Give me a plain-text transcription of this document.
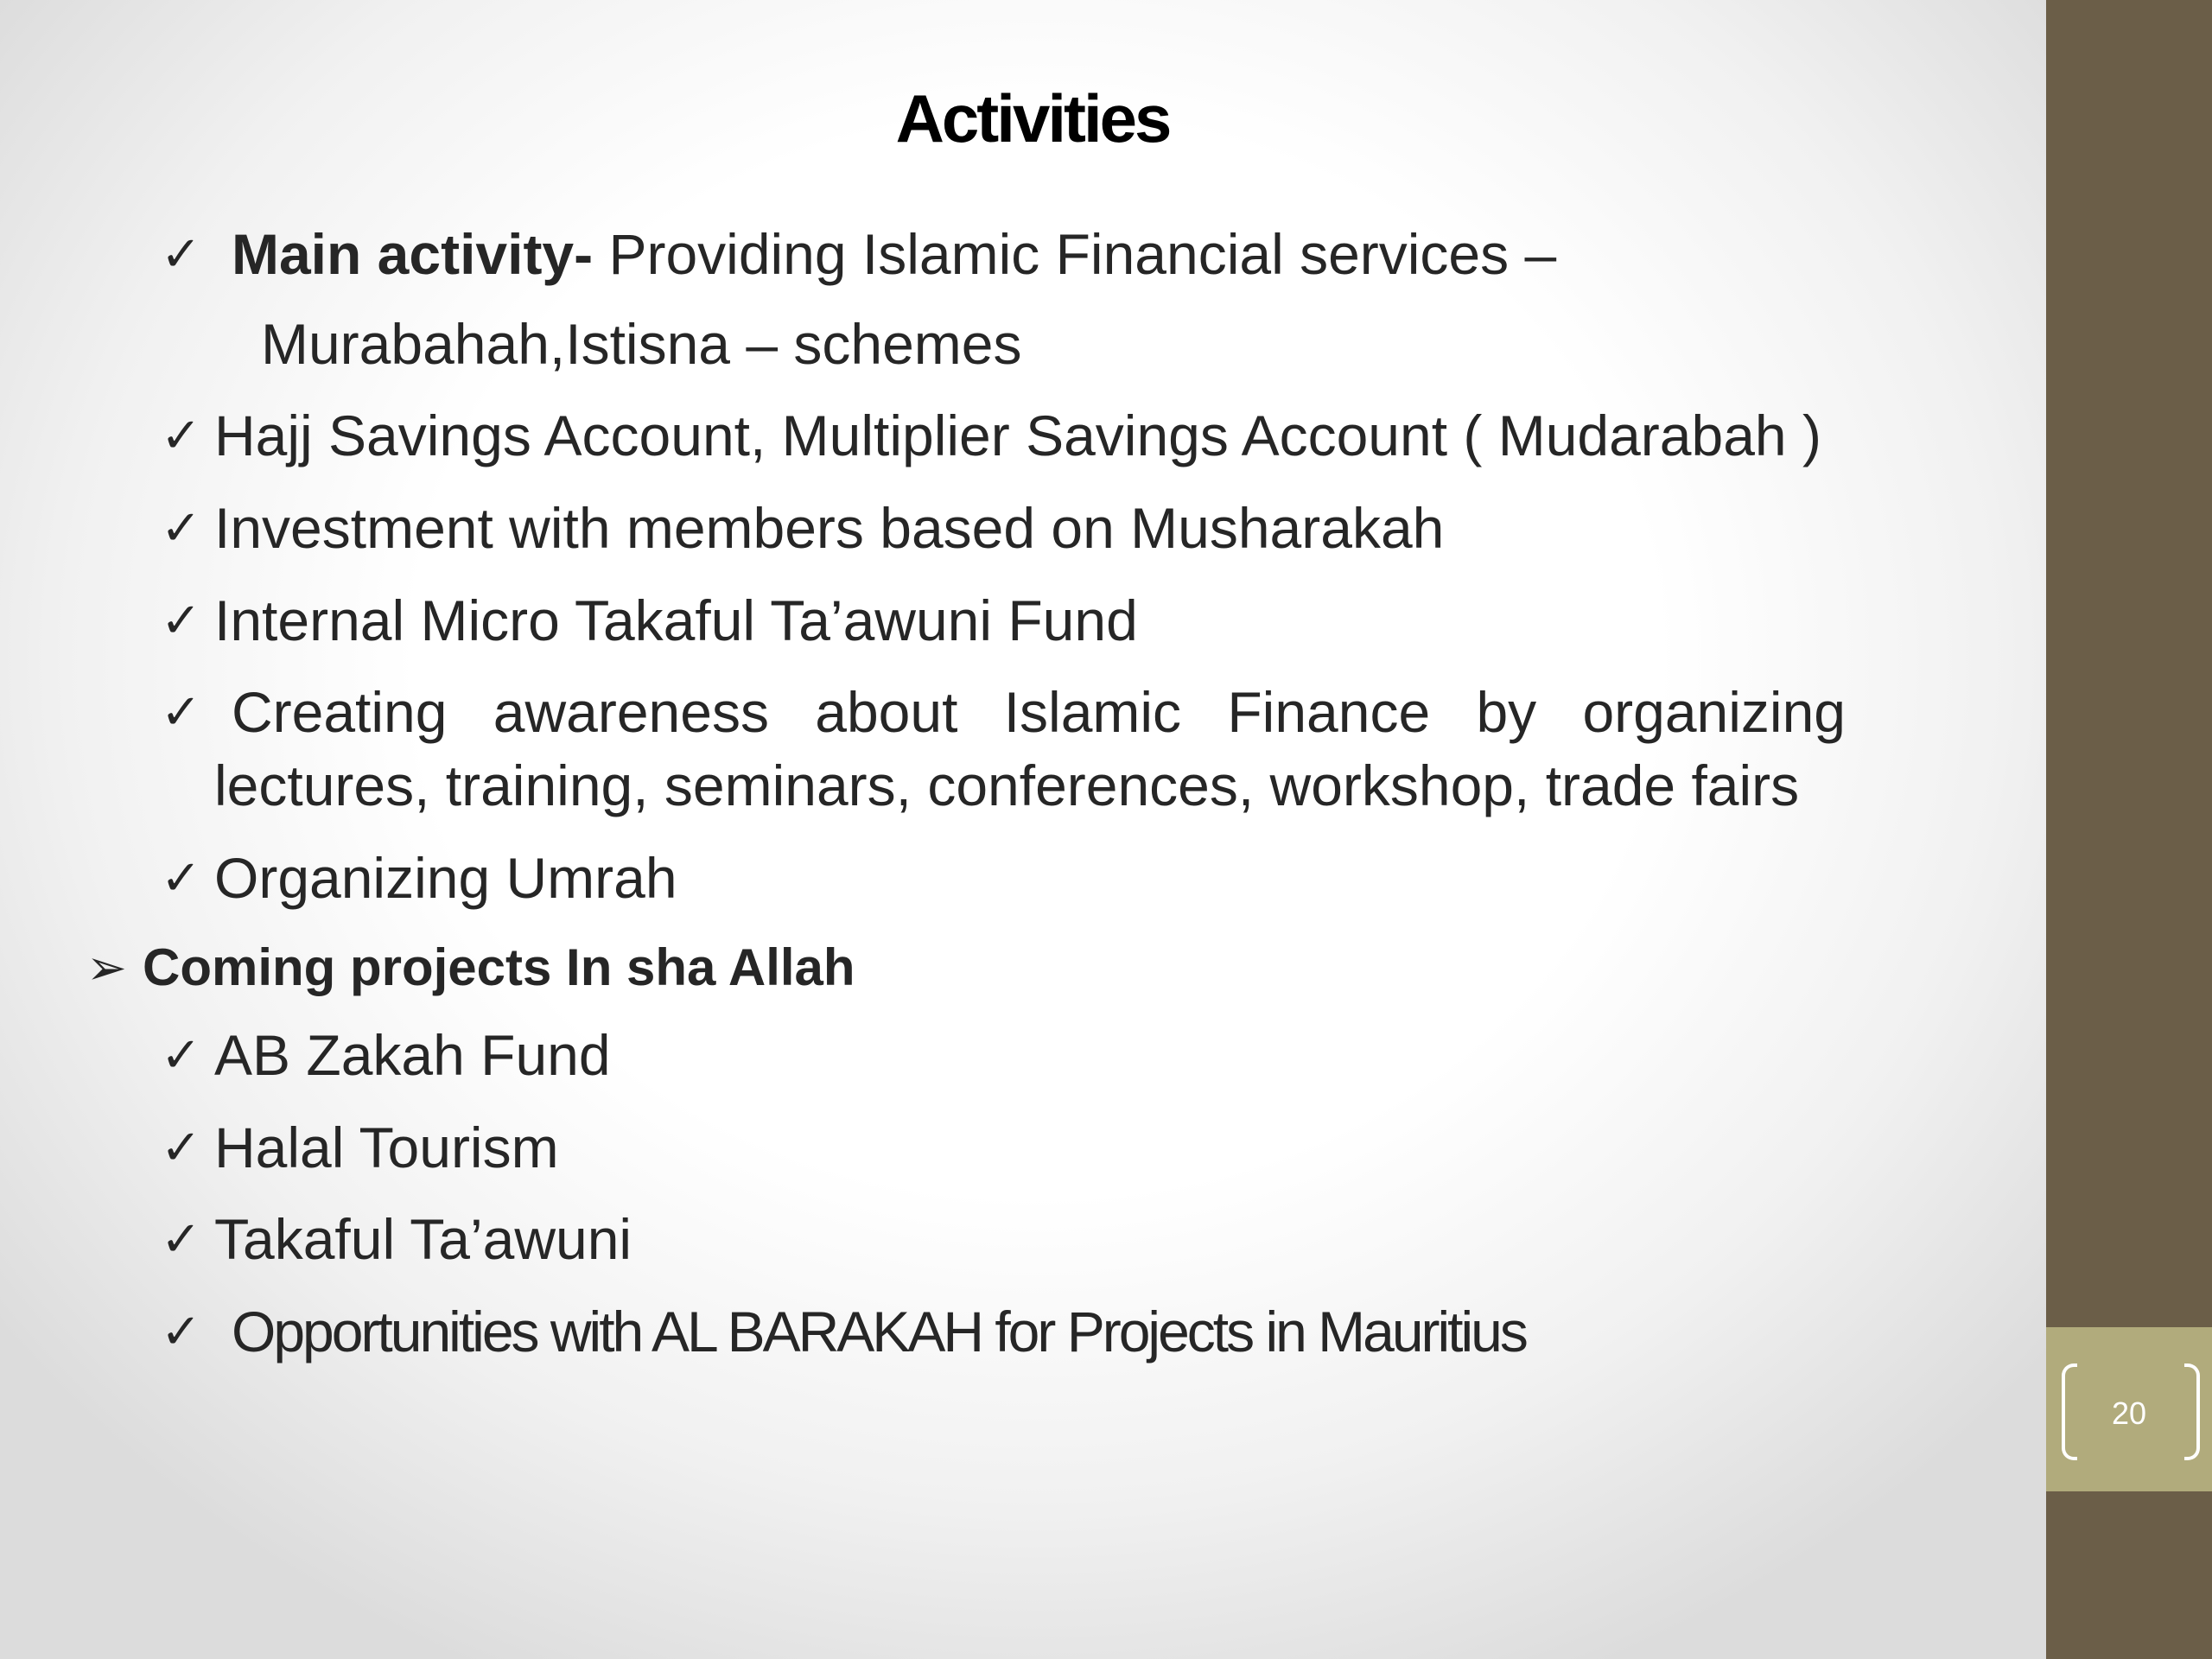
20
Activities
✓ Main activity- Providing Islamic Financial services –
Murabahah,Istisna – schemes
✓ Hajj Savings Account, Multiplier Savings Account ( Mudarabah )
✓ Investment with members based on Musharakah
✓ Internal Micro Takaful Ta’awuni Fund
✓ Creating awareness about Islamic Finance by organizing
lectures, training, seminars, conferences, workshop, trade fairs
✓ Organizing Umrah
➢ Coming projects In sha Allah
✓ AB Zakah Fund
✓ Halal Tourism
✓ Takaful Ta’awuni
✓ Opportunities with AL BARAKAH for Projects in Mauritius
